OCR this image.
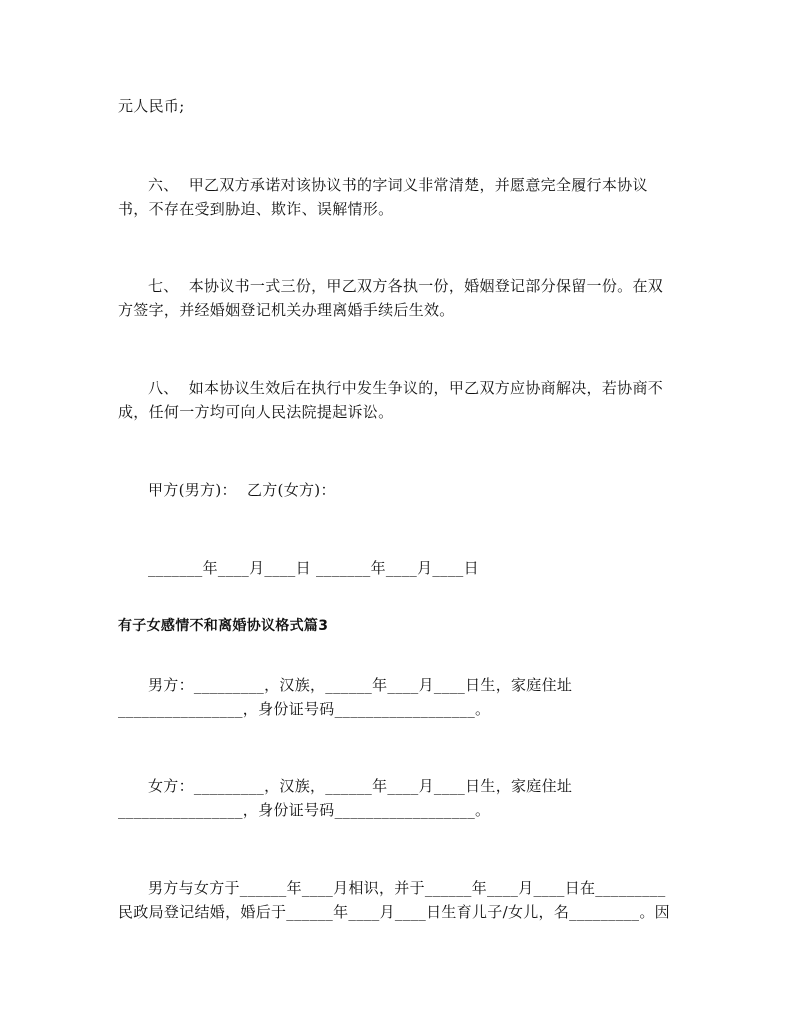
元人民币;
六、  甲乙双方承诺对该协议书的字词义非常清楚，并愿意完全履行本协议
书，不存在受到胁迫、欺诈、误解情形。
七、  本协议书一式三份，甲乙双方各执一份，婚姻登记部分保留一份。在双
方签字，并经婚姻登记机关办理离婚手续后生效。
八、  如本协议生效后在执行中发生争议的，甲乙双方应协商解决，若协商不
成，任何一方均可向人民法院提起诉讼。
甲方(男方)：  乙方(女方)：
_______年____月____日 _______年____月____日
有子女感情不和离婚协议格式篇3
男方：_________，汉族，______年____月____日生，家庭住址
________________，身份证号码__________________。
女方：_________，汉族，______年____月____日生，家庭住址
________________，身份证号码__________________。
男方与女方于______年____月相识，并于______年____月____日在_________
民政局登记结婚，婚后于______年____月____日生育儿子/女儿，名_________。因
